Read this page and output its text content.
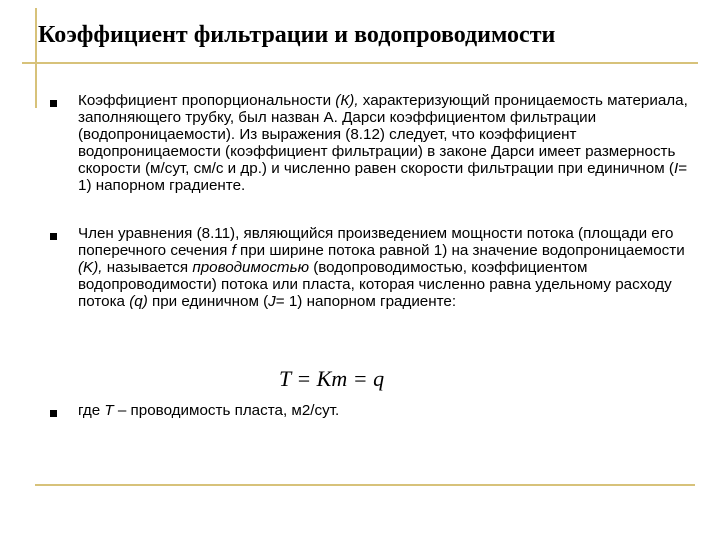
Коэффициент фильтрации и водопроводимости

Коэффициент пропорциональности (К), характеризующий проницаемость материала, заполняющего трубку, был назван А. Дарси коэффициентом фильтрации (водопроницаемости). Из выражения (8.12) следует, что коэффициент водопроницаемости (коэффициент фильтрации) в законе Дарси имеет размерность скорости (м/сут, см/с и др.) и численно равен скорости фильтрации при единичном (I= 1) напорном градиенте.

Член уравнения (8.11), являющийся произведением мощности потока (площади его поперечного сечения f при ширине потока равной 1) на значение водопроницаемости (K), называется проводимостью (водопроводимостью, коэффициентом водопроводимости) потока или пласта, которая численно равна удельному расходу потока (q) при единичном (J= 1) напорном градиенте:

T = Km = q

где T – проводимость пласта, м2/сут.
